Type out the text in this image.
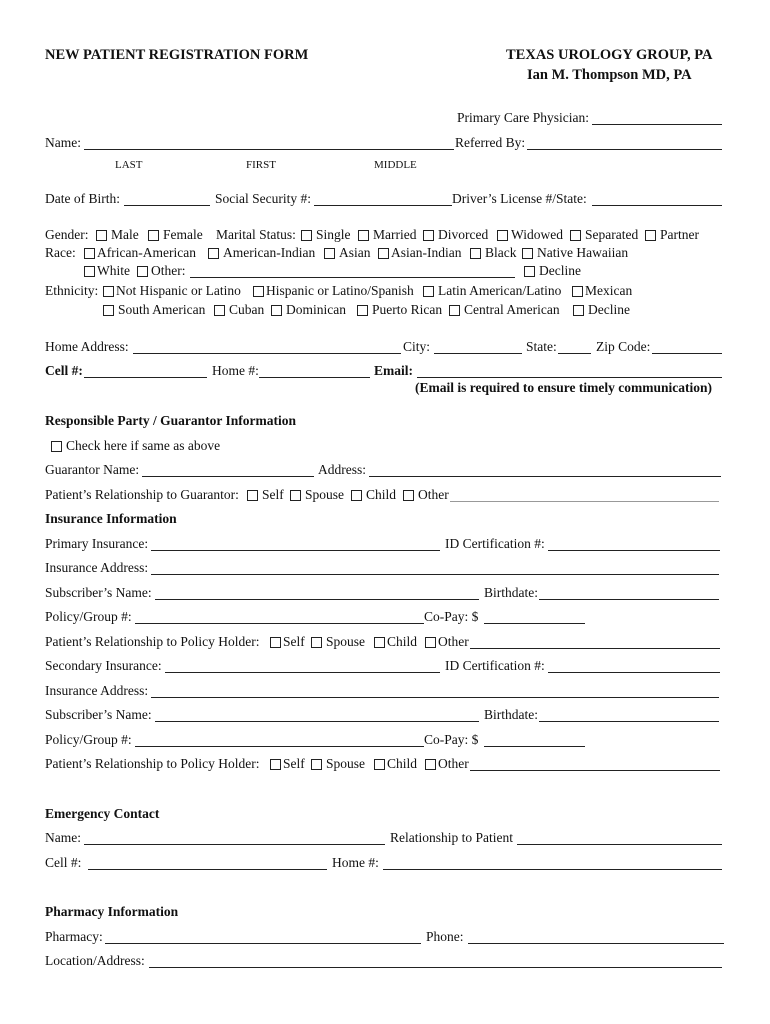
NEW PATIENT REGISTRATION FORM	TEXAS UROLOGY GROUP, PA
Ian M. Thompson MD, PA
Primary Care Physician:
Name:	Referred By:
LAST	FIRST	MIDDLE
Date of Birth:	Social Security #:	Driver’s License #/State:
Gender: Male Female Marital Status: Single Married Divorced Widowed Separated Partner
Race: African-American American-Indian Asian Asian-Indian Black Native Hawaiian
White Other:	Decline
Ethnicity: Not Hispanic or Latino Hispanic or Latino/Spanish Latin American/Latino Mexican
South American Cuban Dominican Puerto Rican Central American Decline
Home Address:	City:	State:	Zip Code:
Cell #:	Home #:	Email:
(Email is required to ensure timely communication)
Responsible Party / Guarantor Information
Check here if same as above
Guarantor Name:	Address:
Patient’s Relationship to Guarantor: Self Spouse Child Other
Insurance Information
Primary Insurance:	ID Certification #:
Insurance Address:
Subscriber’s Name:	Birthdate:
Policy/Group #:	Co-Pay: $
Patient’s Relationship to Policy Holder: Self Spouse Child Other
Secondary Insurance:	ID Certification #:
Insurance Address:
Subscriber’s Name:	Birthdate:
Policy/Group #:	Co-Pay: $
Patient’s Relationship to Policy Holder: Self Spouse Child Other
Emergency Contact
Name:	Relationship to Patient
Cell #:	Home #:
Pharmacy Information
Pharmacy:	Phone:
Location/Address:
